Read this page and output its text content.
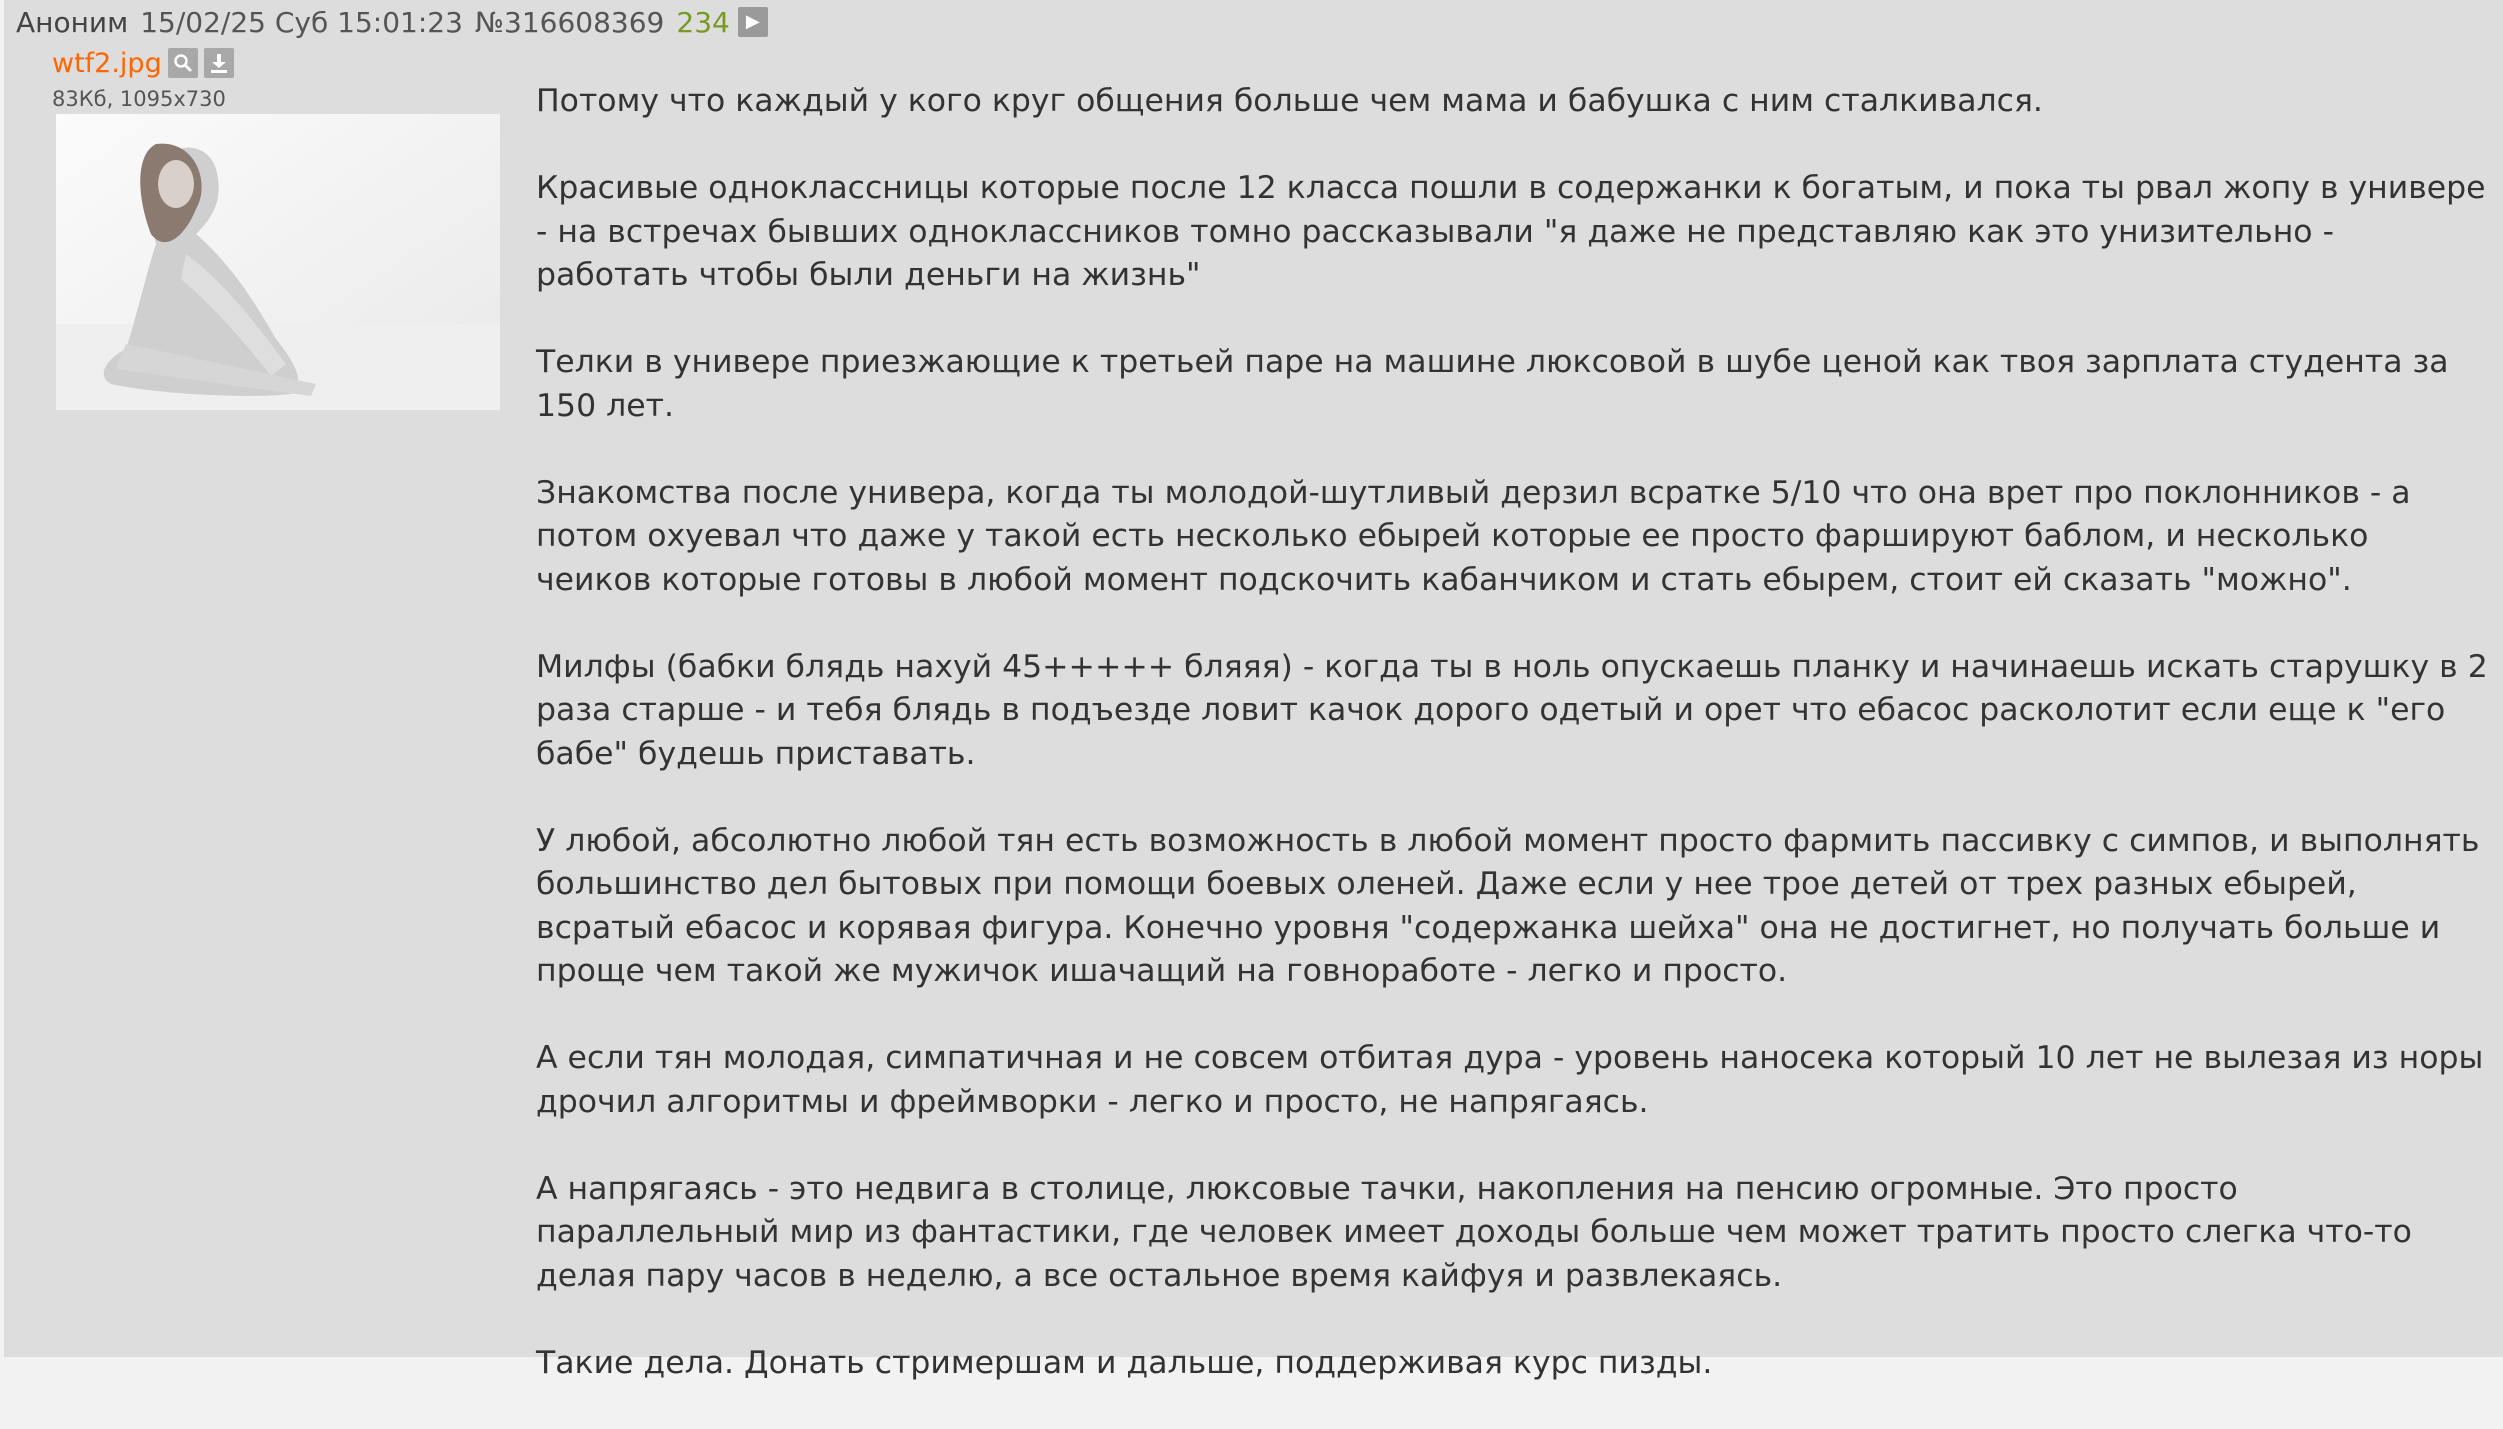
Аноним 15/02/25 Суб 15:01:23 №316608369 234 ▶
wtf2.jpg
83Кб, 1095x730	Потому что каждый у кого круг общения больше чем мама и бабушка с ним сталкивался.

Красивые одноклассницы которые после 12 класса пошли в содержанки к богатым, и пока ты рвал жопу в универе - на встречах бывших одноклассников томно рассказывали "я даже не представляю как это унизительно - работать чтобы были деньги на жизнь"

Телки в универе приезжающие к третьей паре на машине люксовой в шубе ценой как твоя зарплата студента за 150 лет.

Знакомства после универа, когда ты молодой-шутливый дерзил всратке 5/10 что она врет про поклонников - а потом охуевал что даже у такой есть несколько ебырей которые ее просто фаршируют баблом, и несколько чеиков которые готовы в любой момент подскочить кабанчиком и стать ебырем, стоит ей сказать "можно".

Милфы (бабки блядь нахуй 45+++++ бляяя) - когда ты в ноль опускаешь планку и начинаешь искать старушку в 2 раза старше - и тебя блядь в подъезде ловит качок дорого одетый и орет что ебасос расколотит если еще к "его бабе" будешь приставать.

У любой, абсолютно любой тян есть возможность в любой момент просто фармить пассивку с симпов, и выполнять большинство дел бытовых при помощи боевых оленей. Даже если у нее трое детей от трех разных ебырей, всратый ебасос и корявая фигура. Конечно уровня "содержанка шейха" она не достигнет, но получать больше и проще чем такой же мужичок ишачащий на говноработе - легко и просто.

А если тян молодая, симпатичная и не совсем отбитая дура - уровень наносека который 10 лет не вылезая из норы дрочил алгоритмы и фреймворки - легко и просто, не напрягаясь.

А напрягаясь - это недвига в столице, люксовые тачки, накопления на пенсию огромные. Это просто параллельный мир из фантастики, где человек имеет доходы больше чем может тратить просто слегка что-то делая пару часов в неделю, а все остальное время кайфуя и развлекаясь.

Такие дела. Донать стримершам и дальше, поддерживая курс пизды.
